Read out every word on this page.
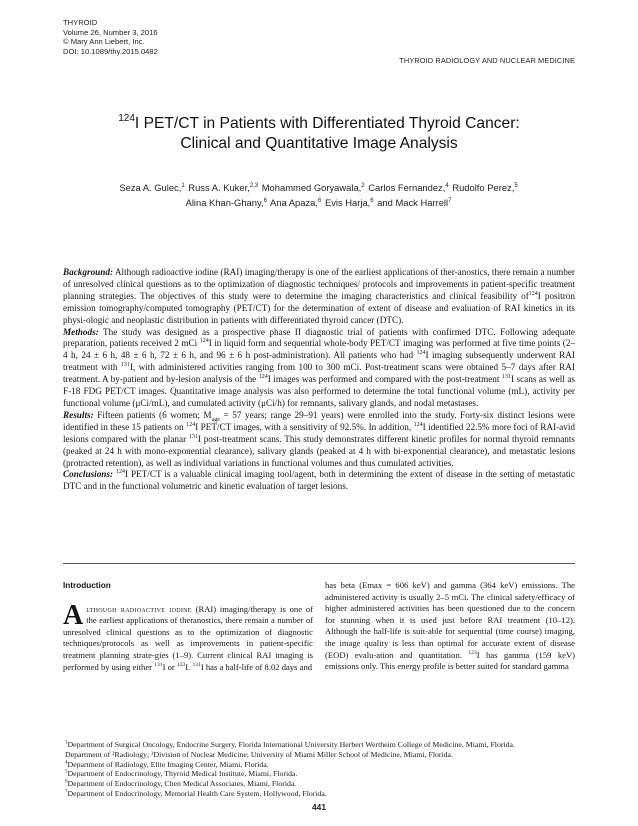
THYROID
Volume 26, Number 3, 2016
© Mary Ann Liebert, Inc.
DOI: 10.1089/thy.2015.0482
THYROID RADIOLOGY AND NUCLEAR MEDICINE
$^{124}$I PET/CT in Patients with Differentiated Thyroid Cancer:
Clinical and Quantitative Image Analysis
Seza A. Gulec,$^1$ Russ A. Kuker,$^{2,3}$ Mohammed Goryawala,$^2$ Carlos Fernandez,$^4$ Rudolfo Perez,$^5$
Alina Khan-Ghany,$^6$ Ana Apaza,$^6$ Evis Harja,$^6$ and Mack Harrell$^7$

Background: Although radioactive iodine (RAI) imaging/therapy is one of the earliest applications of ther-anostics, there remain a number of unresolved clinical questions as to the optimization of diagnostic techniques/ protocols and improvements in patient-specific treatment planning strategies. The objectives of this study were to determine the imaging characteristics and clinical feasibility $of^{124}I$ positron emission tomography/computed tomography (PET/CT) for the determination of extent of disease and evaluation of RAI kinetics in its physi-ologic and neoplastic distribution in patients with differentiated thyroid cancer (DTC).

Methods: The study was designed as a prospective phase II diagnostic trial of patients with confirmed DTC. Following adequate preparation, patients received 2 mCi $^{124}$I in liquid form and sequential whole-body PET/CT imaging was performed at five time points (2–4 h, 24 ± 6 h, 48 ± 6 h, 72 ± 6 h, and 96 ± 6 h post-administration). All patients who had $^{124}$I imaging subsequently underwent RAI treatment with $^{131}$I, with administered activities ranging from 100 to 300 mCi. Post-treatment scans were obtained 5–7 days after RAI treatment. A by-patient and by-lesion analysis of the $^{124}$I images was performed and compared with the post-treatment $^{131}$I scans as well as F-18 FDG PET/CT images. Quantitative image analysis was also performed to determine the total functional volume (mL), activity per functional volume (μCi/mL), and cumulated activity (μCi/h) for remnants, salivary glands, and nodal metastases.

Results: Fifteen patients (6 women; $M_{age} = 57$ years; range 29–91 years) were enrolled into the study. Forty-six distinct lesions were identified in these 15 patients on $^{124}$I PET/CT images, with a sensitivity of 92.5%. In addition, $^{124}$I identified 22.5% more foci of RAI-avid lesions compared with the planar $^{131}$I post-treatment scans. This study demonstrates different kinetic profiles for normal thyroid remnants (peaked at 24 h with mono-exponential clearance), salivary glands (peaked at 4 h with bi-exponential clearance), and metastatic lesions (protracted retention), as well as individual variations in functional volumes and thus cumulated activities.

Conclusions: $^{124}$I PET/CT is a valuable clinical imaging tool/agent, both in determining the extent of disease in the setting of metastatic DTC and in the functional volumetric and kinetic evaluation of target lesions.

Introduction

Although radioactive iodine (RAI) imaging/therapy is one of the earliest applications of theranostics, there remain a number of unresolved clinical questions as to the optimization of diagnostic techniques/protocols as well as improvements in patient-specific treatment planning strate-gies (1–9). Current clinical RAI imaging is performed by using either $^{131}$I or $^{123}$I. $^{131}$I has a half-life of 8.02 days and

has beta (Emax = 606 keV) and gamma (364 keV) emissions. The administered activity is usually 2–5 mCi. The clinical safety/efficacy of higher administered activities has been questioned due to the concern for stunning when it is used just before RAI treatment (10–12). Although the half-life is suit-able for sequential (time course) imaging, the image quality is less than optimal for accurate extent of disease (EOD) evalu-ation and quantitation. $^{123}$I has gamma (159 keV) emissions only. This energy profile is better suited for standard gamma

$^1$Department of Surgical Oncology, Endocrine Surgery, Florida International University Herbert Wertheim College of Medicine, Miami, Florida.
Department of ²Radiology; ³Division of Nuclear Medicine; University of Miami Miller School of Medicine, Miami, Florida.
$^4$Department of Radiology, Elite Imaging Center, Miami, Florida.
$^5$Department of Endocrinology, Thyroid Medical Institute, Miami, Florida.
$^6$Department of Endocrinology, Chen Medical Associates, Miami, Florida.
$^7$Department of Endocrinology, Memorial Health Care System, Hollywood, Florida.
441
